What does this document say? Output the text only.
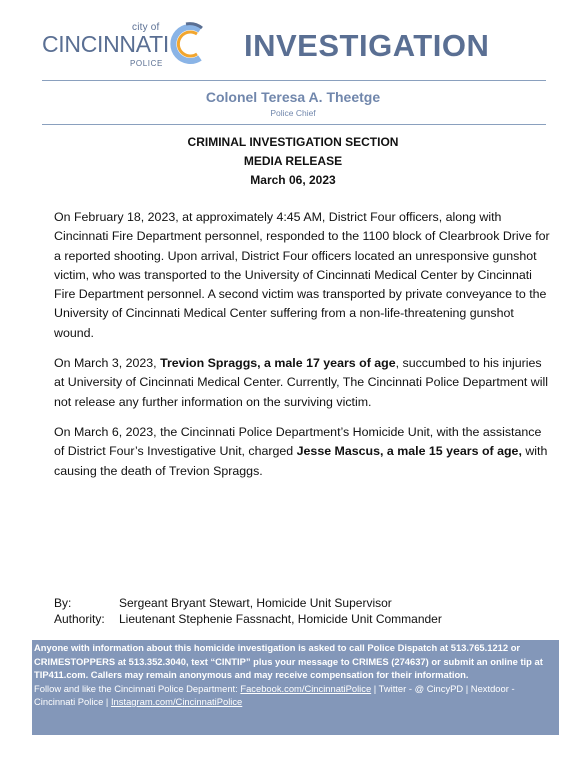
city of
CINCINNATI
POLICE
INVESTIGATION
Colonel Teresa A. Theetge
Police Chief
CRIMINAL INVESTIGATION SECTION
MEDIA RELEASE
March 06, 2023

On February 18, 2023, at approximately 4:45 AM, District Four officers, along with Cincinnati Fire Department personnel, responded to the 1100 block of Clearbrook Drive for a reported shooting. Upon arrival, District Four officers located an unresponsive gunshot victim, who was transported to the University of Cincinnati Medical Center by Cincinnati Fire Department personnel. A second victim was transported by private conveyance to the University of Cincinnati Medical Center suffering from a non-life-threatening gunshot wound.

On March 3, 2023, Trevion Spraggs, a male 17 years of age, succumbed to his injuries at University of Cincinnati Medical Center. Currently, The Cincinnati Police Department will not release any further information on the surviving victim.

On March 6, 2023, the Cincinnati Police Department’s Homicide Unit, with the assistance of District Four’s Investigative Unit, charged Jesse Mascus, a male 15 years of age, with causing the death of Trevion Spraggs.

By:	Sergeant Bryant Stewart, Homicide Unit Supervisor
Authority:	Lieutenant Stephenie Fassnacht, Homicide Unit Commander
Anyone with information about this homicide investigation is asked to call Police Dispatch at 513.765.1212 or CRIMESTOPPERS at 513.352.3040, text “CINTIP” plus your message to CRIMES (274637) or submit an online tip at TIP411.com. Callers may remain anonymous and may receive compensation for their information.
Follow and like the Cincinnati Police Department: Facebook.com/CincinnatiPolice | Twitter - @ CincyPD | Nextdoor - Cincinnati Police | Instagram.com/CincinnatiPolice
